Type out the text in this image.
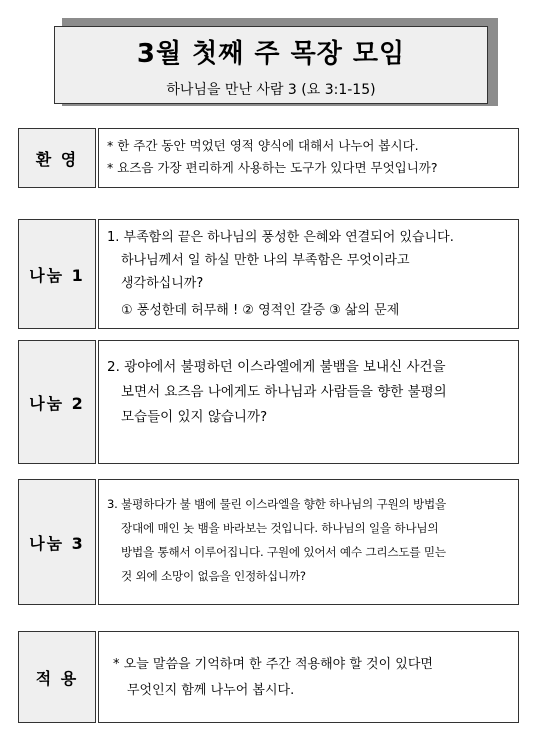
3월 첫째 주 목장 모임
하나님을 만난 사람 3 (요 3:1-15)
환 영

* 한 주간 동안 먹었던 영적 양식에 대해서 나누어 봅시다.

* 요즈음 가장 편리하게 사용하는 도구가 있다면 무엇입니까?

나눔 1

1. 부족함의 끝은 하나님의 풍성한 은혜와 연결되어 있습니다.

하나님께서 일 하실 만한 나의 부족함은 무엇이라고

생각하십니까?

① 풍성한데 허무해 ! ② 영적인 갈증 ③ 삶의 문제

나눔 2

2. 광야에서 불평하던 이스라엘에게 불뱀을 보내신 사건을

보면서 요즈음 나에게도 하나님과 사람들을 향한 불평의

모습들이 있지 않습니까?

나눔 3

3. 불평하다가 불 뱀에 물린 이스라엘을 향한 하나님의 구원의 방법을

장대에 매인 놋 뱀을 바라보는 것입니다. 하나님의 일을 하나님의

방법을 통해서 이루어집니다. 구원에 있어서 예수 그리스도를 믿는

것 외에 소망이 없음을 인정하십니까?

적 용

* 오늘 말씀을 기억하며 한 주간 적용해야 할 것이 있다면

무엇인지 함께 나누어 봅시다.
